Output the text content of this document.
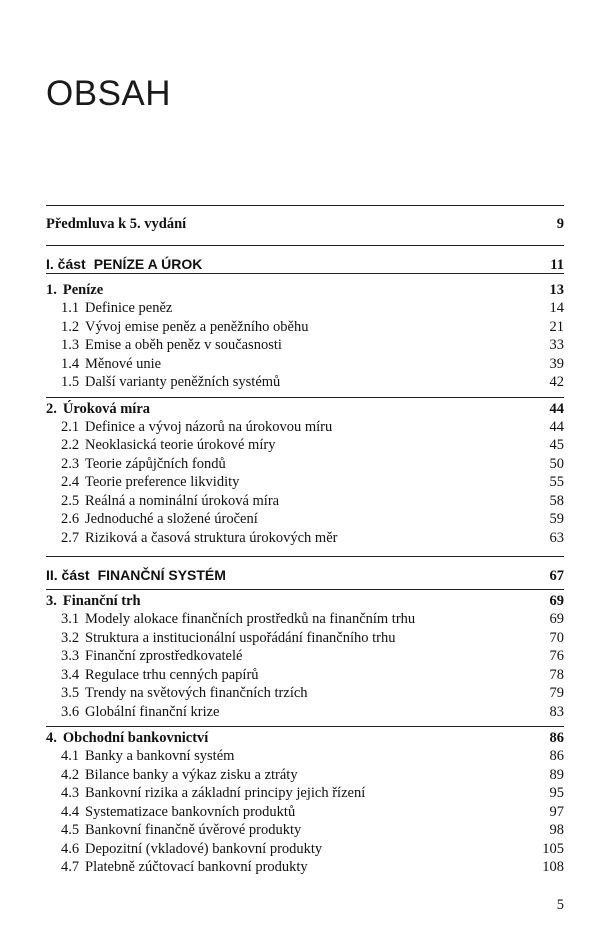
OBSAH
Předmluva k 5. vydání	9
I. část PENÍZE A ÚROK	11
1. Peníze	13
1.1 Definice peněz	14
1.2 Vývoj emise peněz a peněžního oběhu	21
1.3 Emise a oběh peněz v současnosti	33
1.4 Měnové unie	39
1.5 Další varianty peněžních systémů	42
2. Úroková míra	44
2.1 Definice a vývoj názorů na úrokovou míru	44
2.2 Neoklasická teorie úrokové míry	45
2.3 Teorie zápůjčních fondů	50
2.4 Teorie preference likvidity	55
2.5 Reálná a nominální úroková míra	58
2.6 Jednoduché a složené úročení	59
2.7 Riziková a časová struktura úrokových měr	63
II. část FINANČNÍ SYSTÉM	67
3. Finanční trh	69
3.1 Modely alokace finančních prostředků na finančním trhu	69
3.2 Struktura a institucionální uspořádání finančního trhu	70
3.3 Finanční zprostředkovatelé	76
3.4 Regulace trhu cenných papírů	78
3.5 Trendy na světových finančních trzích	79
3.6 Globální finanční krize	83
4. Obchodní bankovnictví	86
4.1 Banky a bankovní systém	86
4.2 Bilance banky a výkaz zisku a ztráty	89
4.3 Bankovní rizika a základní principy jejich řízení	95
4.4 Systematizace bankovních produktů	97
4.5 Bankovní finančně úvěrové produkty	98
4.6 Depozitní (vkladové) bankovní produkty	105
4.7 Platebně zúčtovací bankovní produkty	108
5
